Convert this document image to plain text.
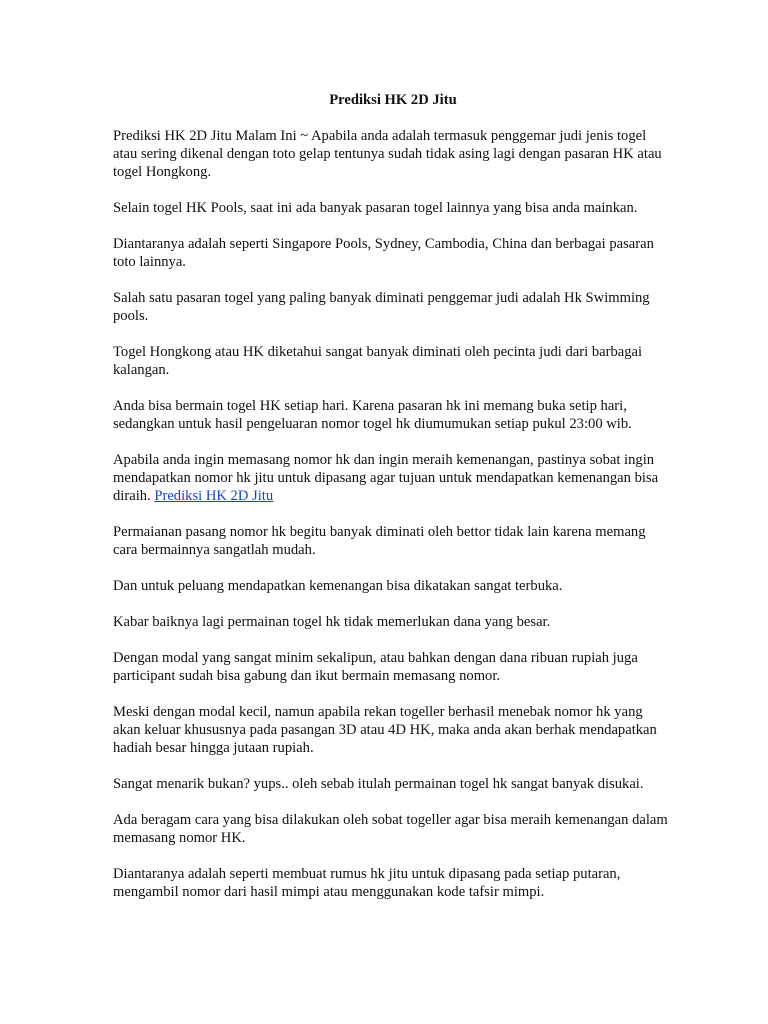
Prediksi HK 2D Jitu

Prediksi HK 2D Jitu Malam Ini ~ Apabila anda adalah termasuk penggemar judi jenis togel atau sering dikenal dengan toto gelap tentunya sudah tidak asing lagi dengan pasaran HK atau togel Hongkong.

Selain togel HK Pools, saat ini ada banyak pasaran togel lainnya yang bisa anda mainkan.

Diantaranya adalah seperti Singapore Pools, Sydney, Cambodia, China dan berbagai pasaran toto lainnya.

Salah satu pasaran togel yang paling banyak diminati penggemar judi adalah Hk Swimming pools.

Togel Hongkong atau HK diketahui sangat banyak diminati oleh pecinta judi dari barbagai kalangan.

Anda bisa bermain togel HK setiap hari. Karena pasaran hk ini memang buka setip hari, sedangkan untuk hasil pengeluaran nomor togel hk diumumukan setiap pukul 23:00 wib.

Apabila anda ingin memasang nomor hk dan ingin meraih kemenangan, pastinya sobat ingin mendapatkan nomor hk jitu untuk dipasang agar tujuan untuk mendapatkan kemenangan bisa diraih. Prediksi HK 2D Jitu

Permaianan pasang nomor hk begitu banyak diminati oleh bettor tidak lain karena memang cara bermainnya sangatlah mudah.

Dan untuk peluang mendapatkan kemenangan bisa dikatakan sangat terbuka.

Kabar baiknya lagi permainan togel hk tidak memerlukan dana yang besar.

Dengan modal yang sangat minim sekalipun, atau bahkan dengan dana ribuan rupiah juga participant sudah bisa gabung dan ikut bermain memasang nomor.

Meski dengan modal kecil, namun apabila rekan togeller berhasil menebak nomor hk yang akan keluar khususnya pada pasangan 3D atau 4D HK, maka anda akan berhak mendapatkan hadiah besar hingga jutaan rupiah.

Sangat menarik bukan? yups.. oleh sebab itulah permainan togel hk sangat banyak disukai.

Ada beragam cara yang bisa dilakukan oleh sobat togeller agar bisa meraih kemenangan dalam memasang nomor HK.

Diantaranya adalah seperti membuat rumus hk jitu untuk dipasang pada setiap putaran, mengambil nomor dari hasil mimpi atau menggunakan kode tafsir mimpi.
